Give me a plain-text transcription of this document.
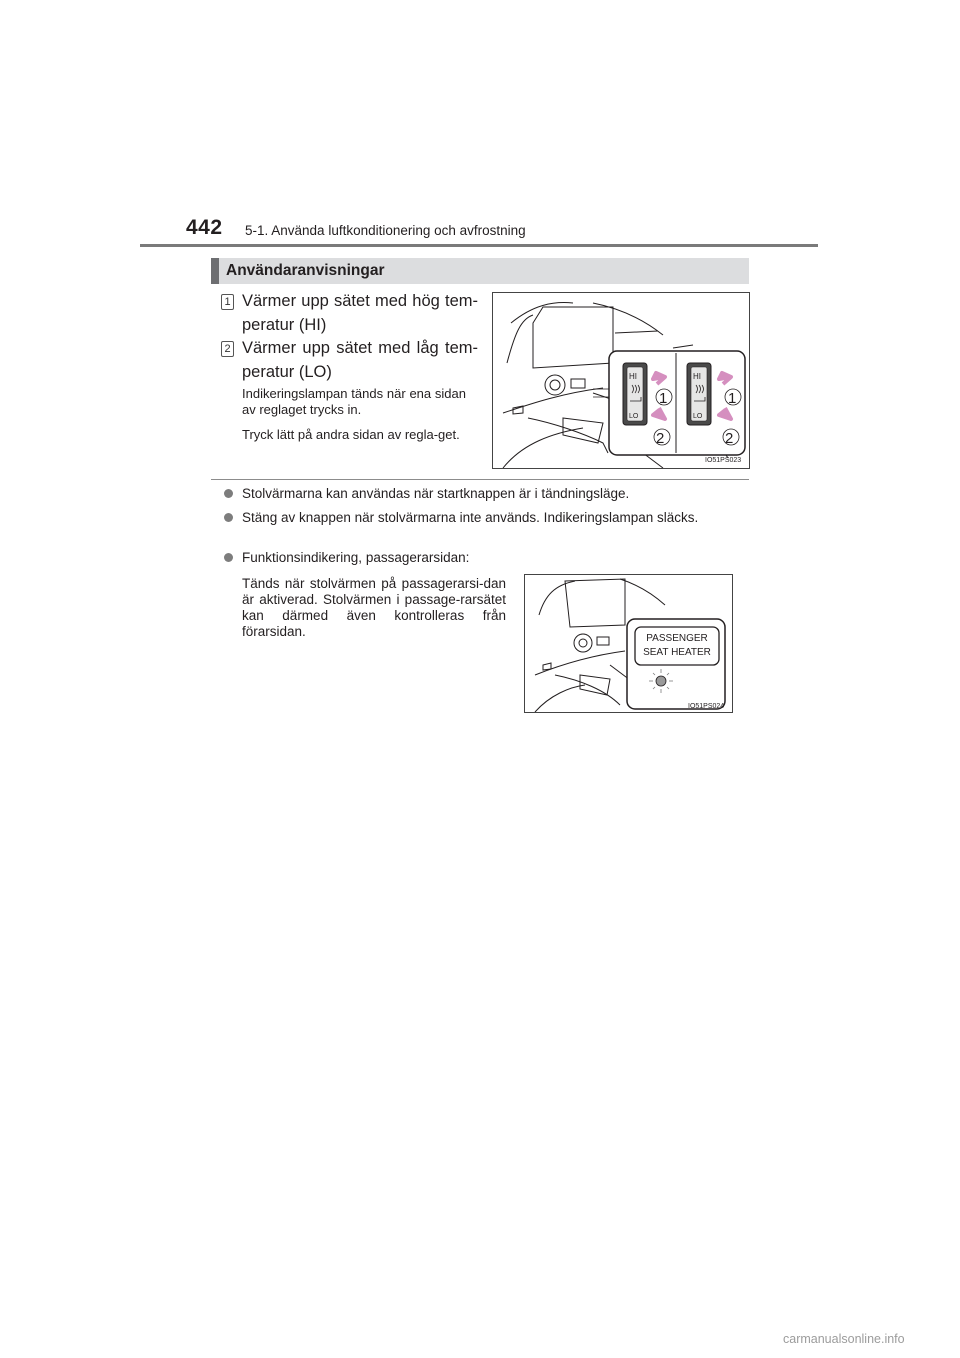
442 5-1. Använda luftkonditionering och avfrostning
Användaranvisningar
1 Värmer upp sätet med hög tem-peratur (HI)
2 Värmer upp sätet med låg tem-peratur (LO)
Indikeringslampan tänds när ena sidan av reglaget trycks in.
Tryck lätt på andra sidan av regla-get.
HI
LO
HI
LO
1
2
1
2
IO51PS023
Stolvärmarna kan användas när startknappen är i tändningsläge.
Stäng av knappen när stolvärmarna inte används. Indikeringslampan släcks.
Funktionsindikering, passagerarsidan:
Tänds när stolvärmen på passagerarsi-dan är aktiverad. Stolvärmen i passage-rarsätet kan därmed även kontrolleras från förarsidan.	PASSENGER
SEAT HEATER
IO51PS024
carmanualsonline.info
